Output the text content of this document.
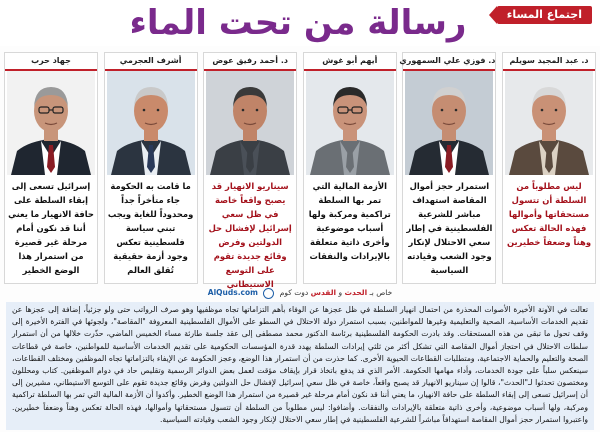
رسالة من تحت الماء	اجتماع المساء
جهاد حرب
إسرائيل تسعى إلى إبقاء السلطة على حافة الانهيار ما يعني أننا قد نكون أمام مرحلة غير قصيرة من استمرار هذا الوضع الخطير
أشرف العجرمي
ما قامت به الحكومة جاء متأخراً جداً ومحدوداً للغاية ويجب تبني سياسة فلسطينية تعكس وجود أزمة حقيقية تُقلق العالم
د. أحمد رفيق عوض
سيناريو الانهيار قد يصبح واقعاً خاصة في ظل سعي إسرائيل لإفشال حل الدولتين وفرض وقائع جديدة تقوم على التوسع الاستيطاني
أيهم أبو غوش
الأزمة المالية التي تمر بها السلطة تراكمية ومركبة ولها أسباب موضوعية وأخرى ذاتية متعلقة بالإيرادات والنفقات
د. فوزي علي السمهوري
استمرار حجز أموال المقاصة استهداف مباشر للشرعية الفلسطينية في إطار سعي الاحتلال لإنكار وجود الشعب وقيادته السياسية
د. عبد المجيد سويلم
ليس مطلوباً من السلطة أن تتسول مستحقاتها وأموالها فهذه الحالة تعكس وهناً وضعفاً خطيرين
خاص بـ الحدث و القدس دوت كوم  AlQuds.com
تعالت في الآونة الأخيرة الأصوات المحذرة من احتمال انهيار السلطة في ظل عجزها عن الوفاء بأهم التزاماتها تجاه موظفيها وهو صرف الرواتب حتى ولو جزئياً، إضافة إلى عجزها عن تقديم الخدمات الأساسية، الصحية والتعليمية وغيرها للمواطنين، بسبب استمرار دولة الاحتلال في السطو على الأموال الفلسطينية المعروفة "المقاصة"، ولجوئها في الفترة الأخيرة إلى وقف تحول ما تبقى من هذه المستحقات. وقد بادرت الحكومة الفلسطينية برئاسة الدكتور محمد مصطفى إلى عقد جلسة طارئة مساء الخميس الماضي، حذّرت خلالها من أن استمرار سلطات الاحتلال في احتجاز أموال المقاصة التي تشكل أكثر من ثلثي إيرادات السلطة يهدد قدرة المؤسسات الحكومية على تقديم الخدمات الأساسية للمواطنين، خاصة في قطاعات الصحة والتعليم والحماية الاجتماعية، ومتطلبات القطاعات الحيوية الأخرى. كما حذرت من أن استمرار هذا الوضع، وعجز الحكومة عن الإيفاء بالتزاماتها تجاه الموظفين ومختلف القطاعات، سينعكس سلباً على جودة الخدمات، وأداء مهامها الحكومة. الأمر الذي قد يدفع باتخاذ قرار بإيقاف مؤقت لعمل بعض الدوائر الرسمية وتقليص حاد في دوام الموظفين. كتاب ومحللون ومختصون تحدثوا لـ"الحدث"، قالوا إن سيناريو الانهيار قد يصبح واقعاً، خاصة في ظل سعي إسرائيل لإفشال حل الدولتين وفرض وقائع جديدة تقوم على التوسع الاستيطاني، مشيرين إلى أن إسرائيل تسعى إلى إبقاء السلطة على حافة الانهيار، ما يعني أننا قد نكون أمام مرحلة غير قصيرة من استمرار هذا الوضع الخطير. وأكدوا أن الأزمة المالية التي تمر بها السلطة تراكمية ومركبة، ولها أسباب موضوعية، وأخرى ذاتية متعلقة بالإيرادات والنفقات. وأضافوا: ليس مطلوباً من السلطة أن تتسول مستحقاتها وأموالها، فهذه الحالة تعكس وهناً وضعفاً خطيرين. واعتبروا استمرار حجز أموال المقاصة استهدافاً مباشراً للشرعية الفلسطينية في إطار سعي الاحتلال لإنكار وجود الشعب وقيادته السياسية.
